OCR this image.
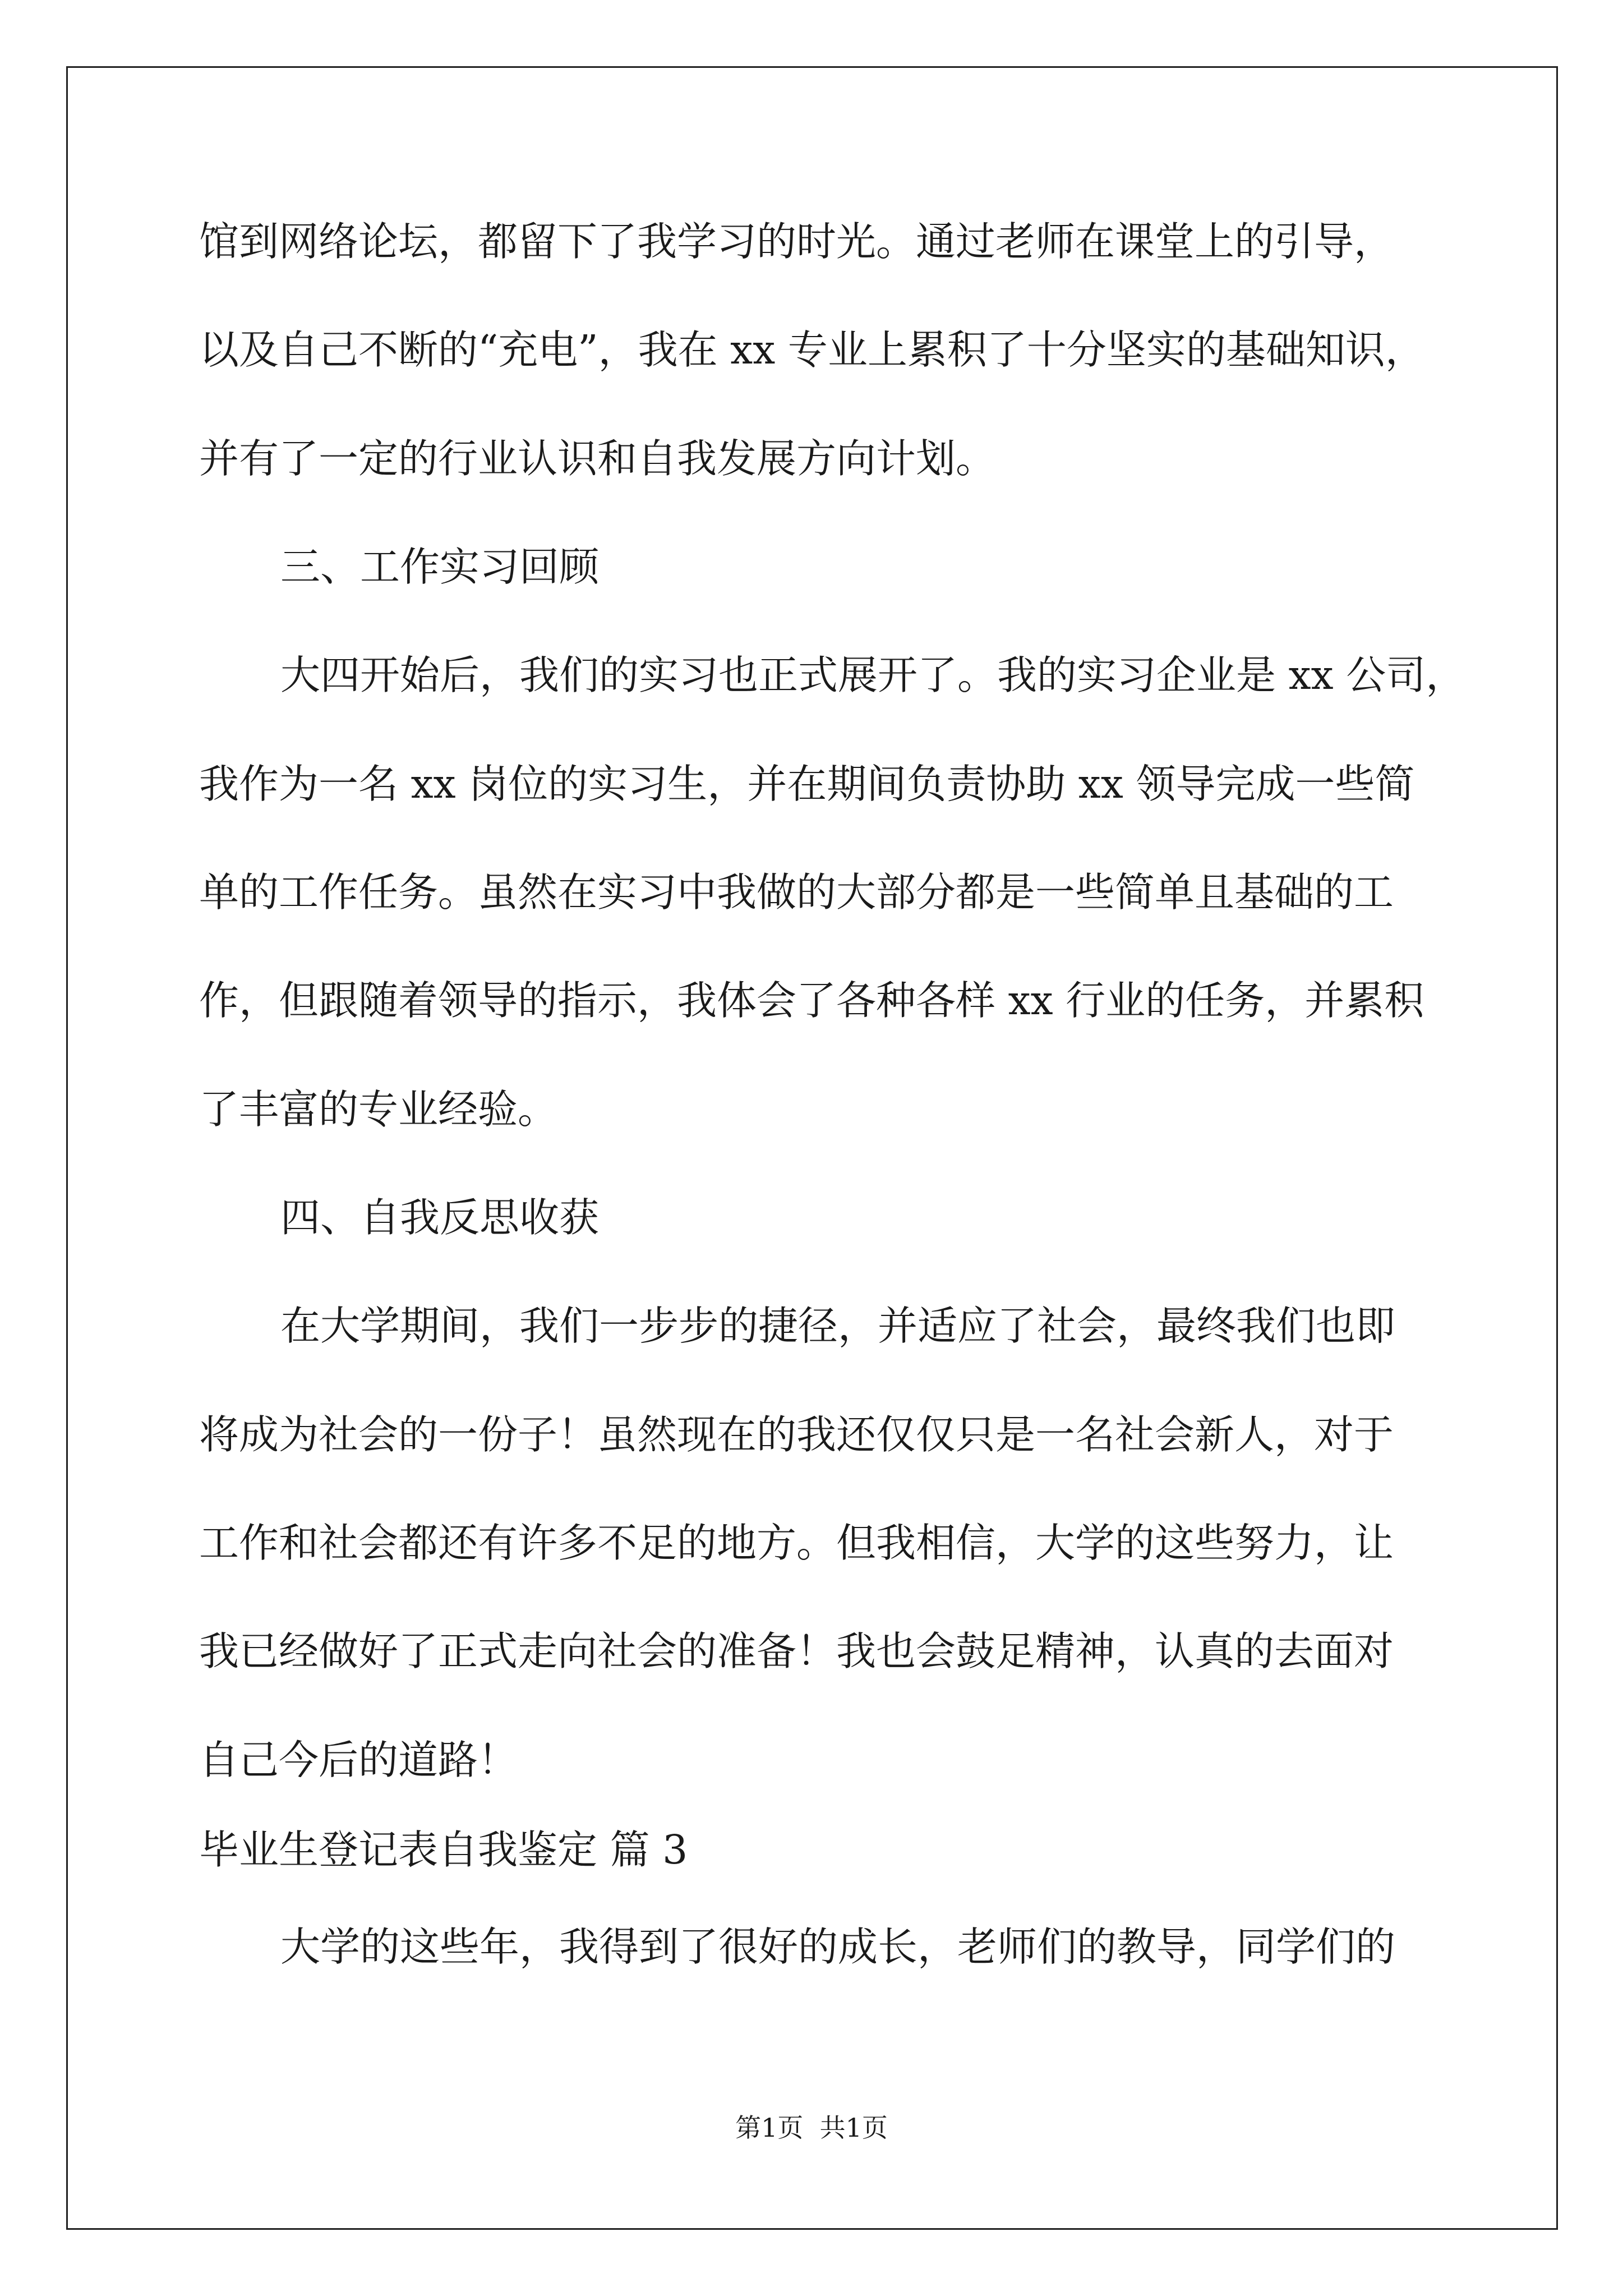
馆到网络论坛，都留下了我学习的时光。通过老师在课堂上的引导，

以及自己不断的“充电”，我在 xx 专业上累积了十分坚实的基础知识，

并有了一定的行业认识和自我发展方向计划。

三、工作实习回顾

大四开始后，我们的实习也正式展开了。我的实习企业是 xx 公司，

我作为一名 xx 岗位的实习生，并在期间负责协助 xx 领导完成一些简

单的工作任务。虽然在实习中我做的大部分都是一些简单且基础的工

作，但跟随着领导的指示，我体会了各种各样 xx 行业的任务，并累积

了丰富的专业经验。

四、自我反思收获

在大学期间，我们一步步的捷径，并适应了社会，最终我们也即

将成为社会的一份子！虽然现在的我还仅仅只是一名社会新人，对于

工作和社会都还有许多不足的地方。但我相信，大学的这些努力，让

我已经做好了正式走向社会的准备！我也会鼓足精神，认真的去面对

自己今后的道路！

毕业生登记表自我鉴定 篇 3

大学的这些年，我得到了很好的成长，老师们的教导，同学们的

第1页  共1页
